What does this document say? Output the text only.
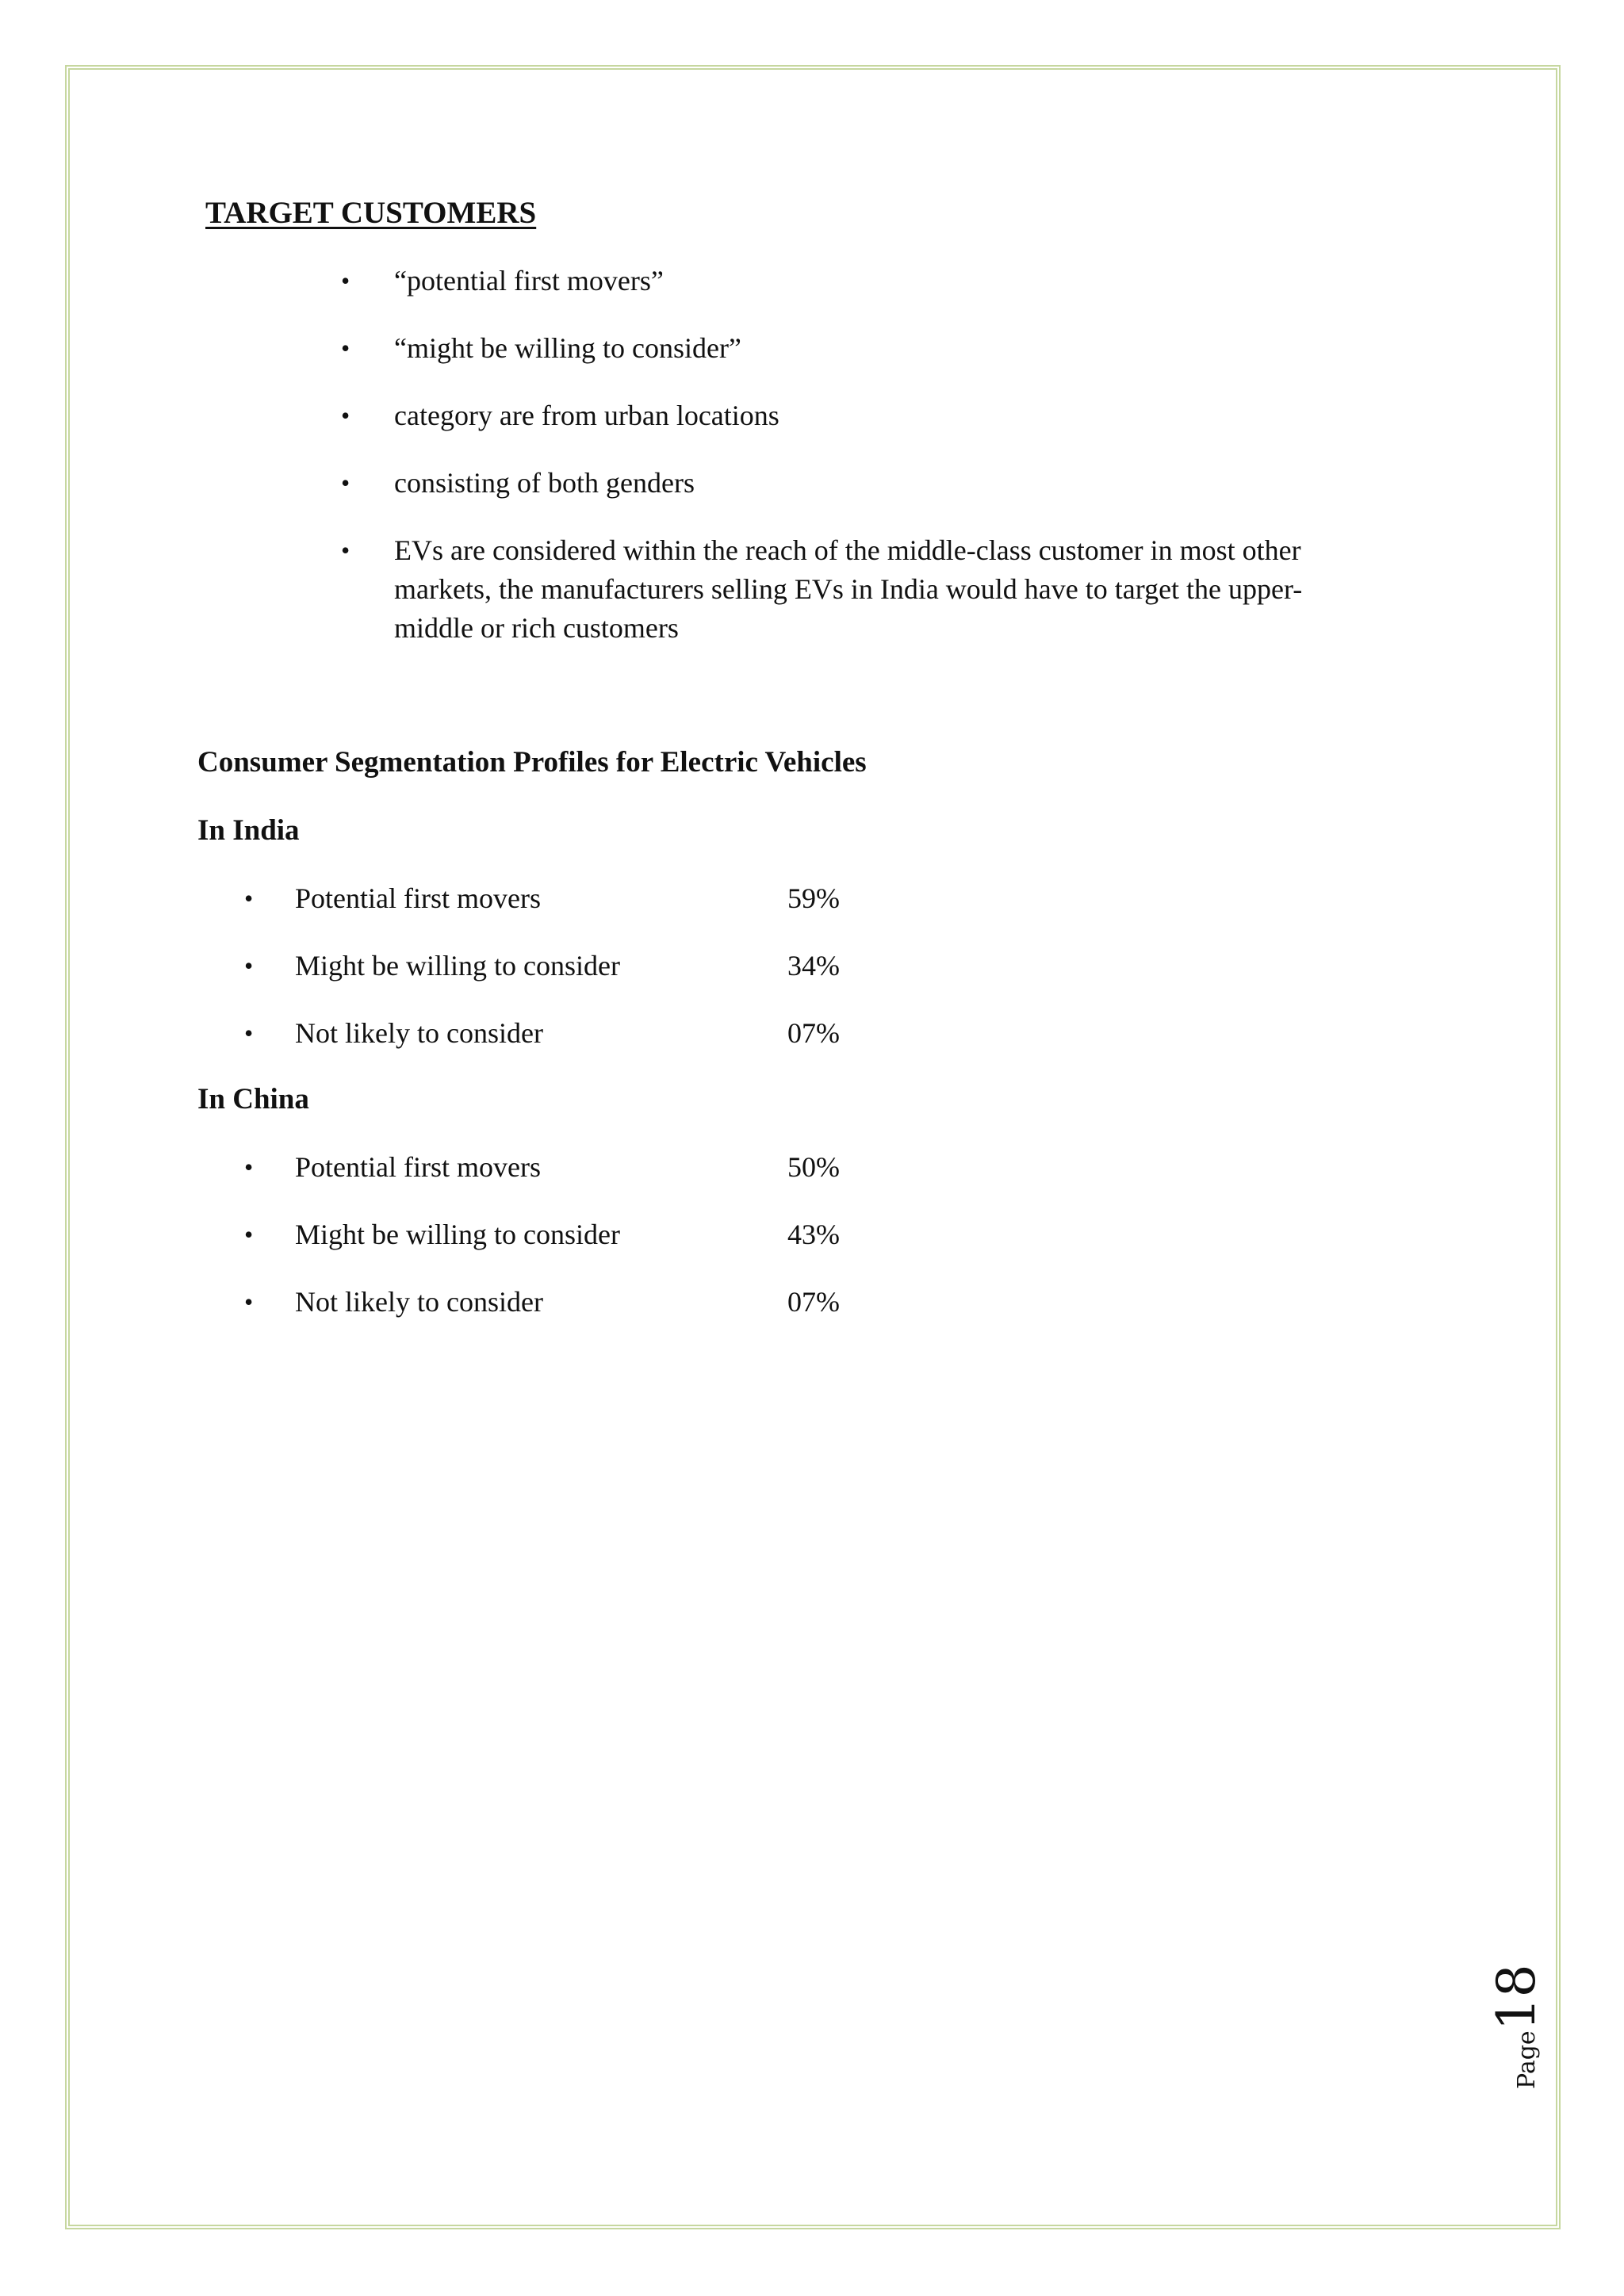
TARGET CUSTOMERS
• “potential first movers”
• “might be willing to consider”
• category are from urban locations
• consisting of both genders
• EVs are considered within the reach of the middle-class customer in most other markets, the manufacturers selling EVs in India would have to target the upper-middle or rich customers
Consumer Segmentation Profiles for Electric Vehicles
In India
• Potential first movers	59%
• Might be willing to consider	34%
• Not likely to consider	07%
In China
• Potential first movers	50%
• Might be willing to consider	43%
• Not likely to consider	07%
Page18
